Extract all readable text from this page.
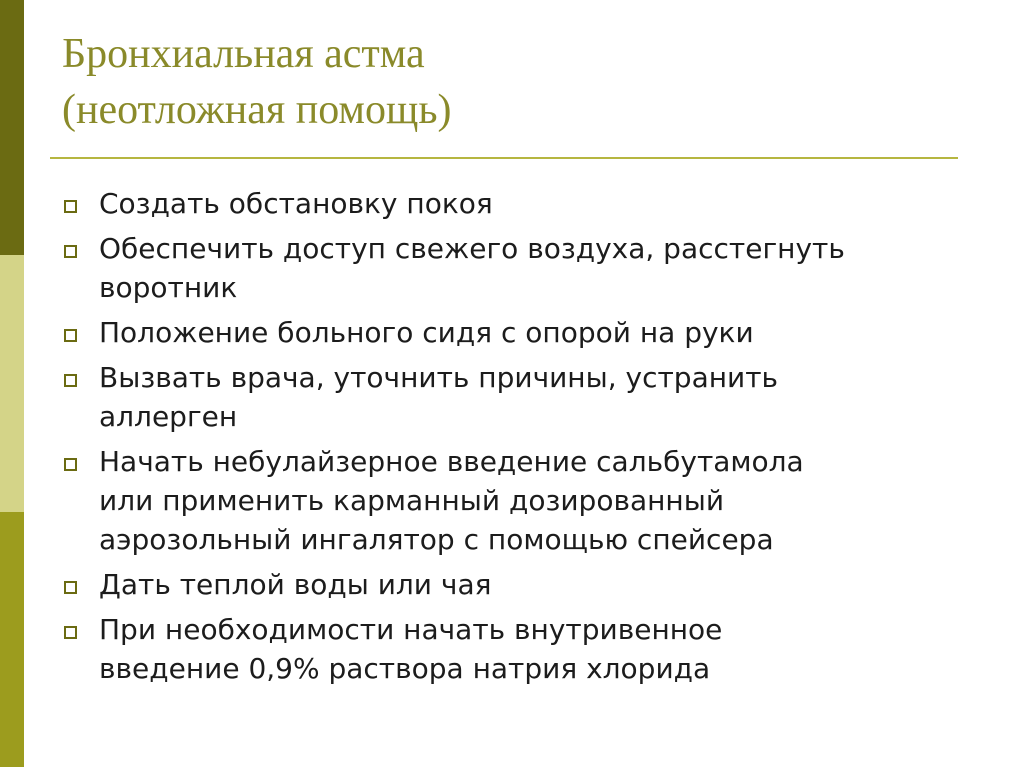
Бронхиальная астма
(неотложная помощь)
Создать обстановку покоя
Обеспечить доступ свежего воздуха, расстегнуть
воротник
Положение больного сидя с опорой на руки
Вызвать врача, уточнить причины, устранить
аллерген
Начать небулайзерное введение сальбутамола
или применить карманный дозированный
аэрозольный ингалятор с помощью спейсера
Дать теплой воды или чая
При необходимости начать внутривенное
введение 0,9% раствора натрия хлорида
